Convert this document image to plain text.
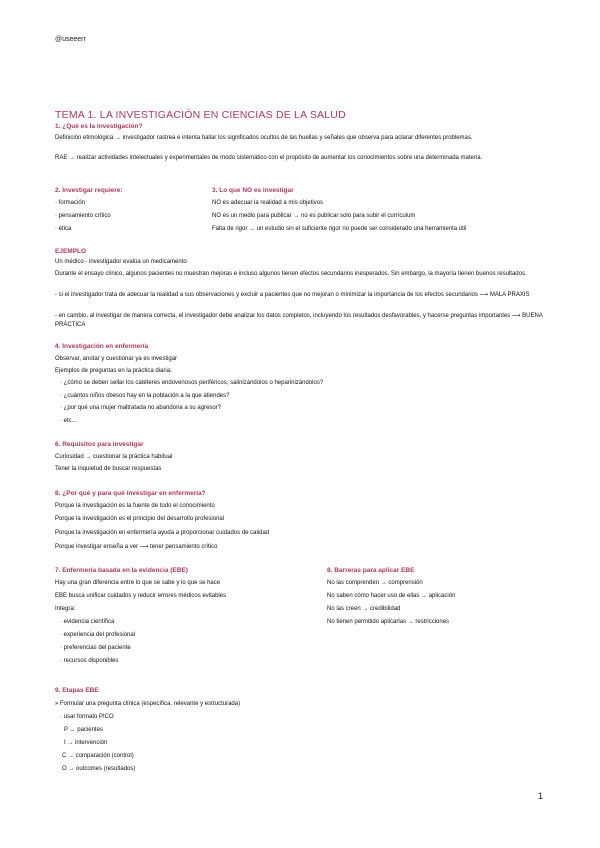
@useeerr
TEMA 1. LA INVESTIGACIÓN EN CIENCIAS DE LA SALUD
1. ¿Qué es la investigación?
Definición etimológica → investigador rastrea e intenta hallar los significados ocultos de las huellas y señales que observa para aclarar diferentes problemas.
RAE → realizar actividades intelectuales y experimentales de modo sistemático con el propósito de aumentar los conocimientos sobre una determinada materia.
2. Investigar requiere:
· formación
· pensamiento crítico
· ética
3. Lo que NO es investigar
NO es adecuar la realidad a mis objetivos
NO es un medio para publicar → no es publicar solo para subir el currículum
Falta de rigor → un estudio sin el suficiente rigor no puede ser considerado una herramienta útil
EJEMPLO
Un médico - investigador evalúa un medicamento
Durante el ensayo clínico, algunos pacientes no muestran mejoras e incluso algunos tienen efectos secundarios inesperados. Sin embargo, la mayoría tienen buenos resultados.
- si el investigador trata de adecuar la realidad a sus observaciones y excluir a pacientes que no mejoran o minimizar la importancia de los efectos secundarios ⟶ MALA PRAXIS
- en cambio, al investigar de manera correcta, el investigador debe analizar los datos completos, incluyendo los resultados desfavorables, y hacerse preguntas importantes ⟶ BUENA PRÁCTICA
4. Investigación en enfermería
Observar, anotar y cuestionar ya es investigar
Ejemplos de preguntas en la práctica diaria:
· ¿cómo se deben sellar los catéteres endovenosos periféricos, salinizándolos o heparinizándolos?
· ¿cuántos niños obesos hay en la población a la que atiendes?
· ¿por qué una mujer maltratada no abandona a su agresor?
· etc...
6. Requisitos para investigar
Curiosidad → cuestionar la práctica habitual
Tener la inquietud de buscar respuestas
8. ¿Por qué y para qué investigar en enfermería?
Porque la investigación es la fuente de todo el conocimiento
Porque la investigación es el principio del desarrollo profesional
Porque la investigación en enfermería ayuda a proporcionar cuidados de calidad
Porque investigar enseña a ver ⟶ tener pensamiento crítico
7. Enfermería basada en la evidencia (EBE)
Hay una gran diferencia entre lo que se sabe y lo que se hace
EBE busca unificar cuidados y reducir errores médicos evitables
Integra:
· evidencia científica
· experiencia del profesional
· preferencias del paciente
· recursos disponibles
8. Barreras para aplicar EBE
No las comprenden → comprensión
No saben cómo hacer uso de ellas → aplicación
No las creen → credibilidad
No tienen permitido aplicarlas → restricciones
9. Etapas EBE
» Formular una pregunta clínica (específica, relevante y estructurada)
· usar formato PICO
P → pacientes
I → intervención
C → comparación (control)
O → outcomes (resultados)
1
